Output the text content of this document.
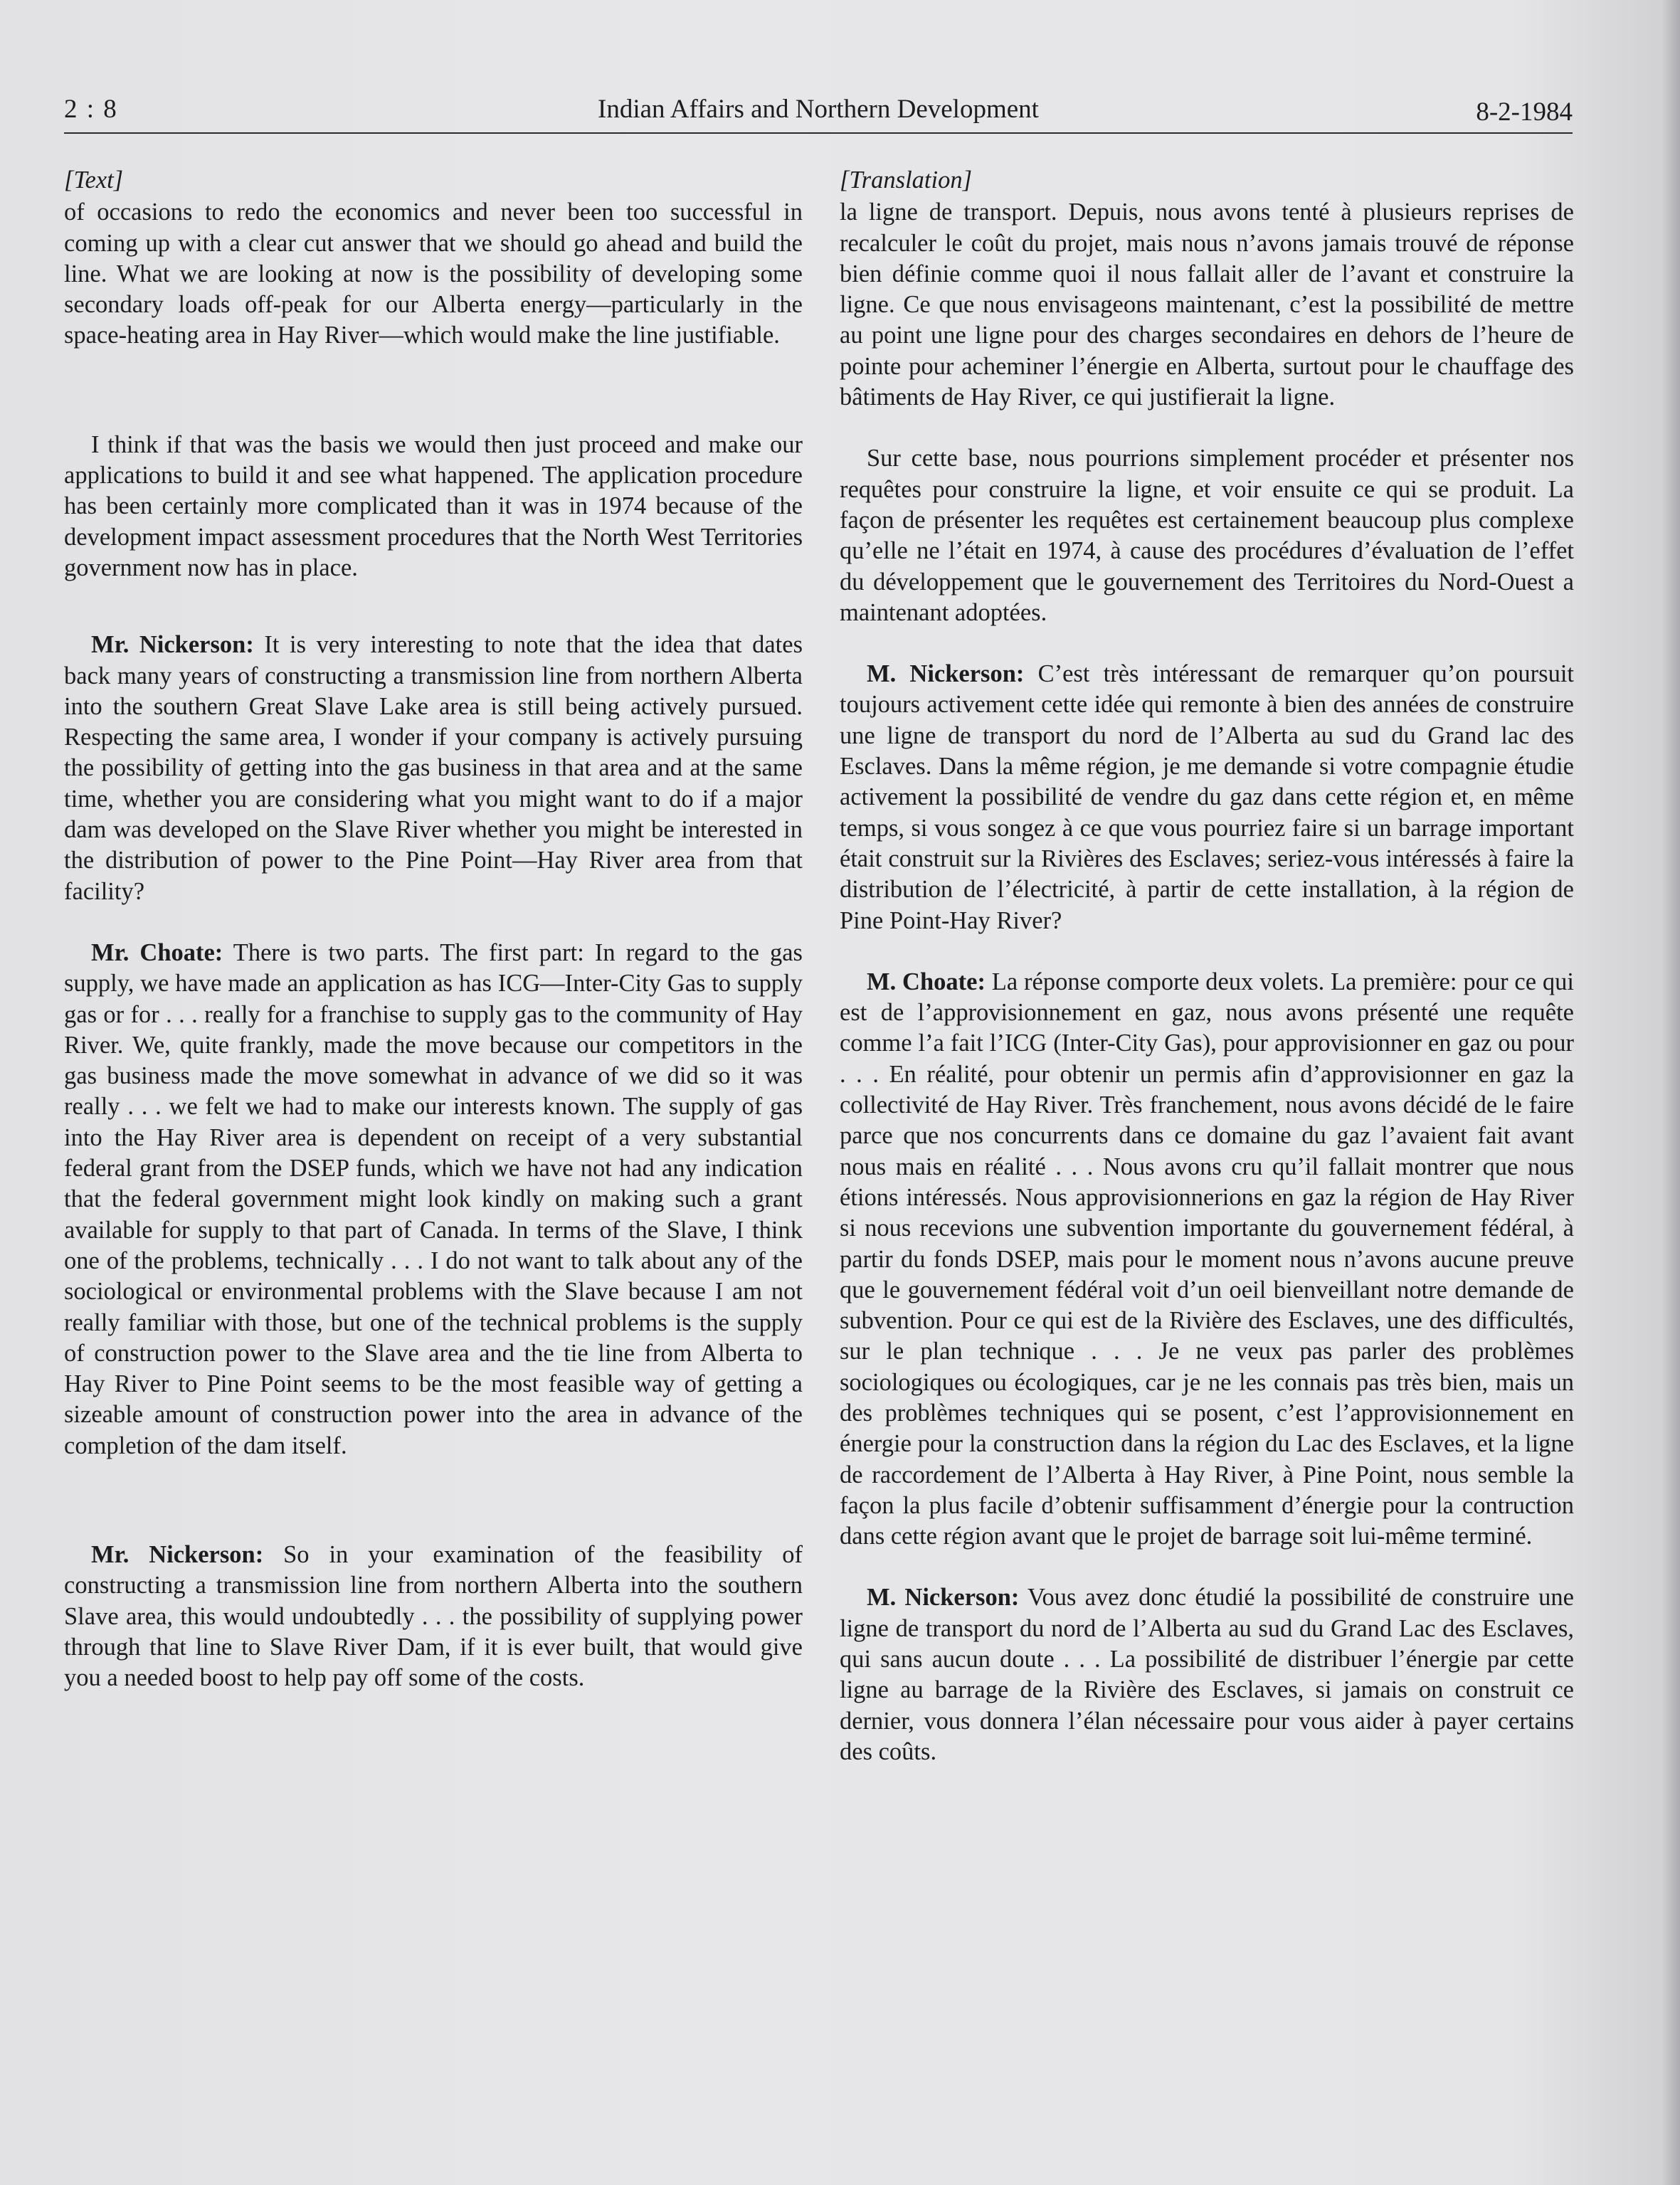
2 : 8	Indian Affairs and Northern Development	8-2-1984
[Text]

of occasions to redo the economics and never been too successful in coming up with a clear cut answer that we should go ahead and build the line. What we are looking at now is the possibility of developing some secondary loads off-peak for our Alberta energy—particularly in the space-heating area in Hay River—which would make the line justifiable.

I think if that was the basis we would then just proceed and make our applications to build it and see what happened. The application procedure has been certainly more complicated than it was in 1974 because of the development impact assessment procedures that the North West Territories government now has in place.

Mr. Nickerson: It is very interesting to note that the idea that dates back many years of constructing a transmission line from northern Alberta into the southern Great Slave Lake area is still being actively pursued. Respecting the same area, I wonder if your company is actively pursuing the possibility of getting into the gas business in that area and at the same time, whether you are considering what you might want to do if a major dam was developed on the Slave River whether you might be interested in the distribution of power to the Pine Point—Hay River area from that facility?

Mr. Choate: There is two parts. The first part: In regard to the gas supply, we have made an application as has ICG—Inter-City Gas to supply gas or for . . . really for a franchise to supply gas to the community of Hay River. We, quite frankly, made the move because our competitors in the gas business made the move somewhat in advance of we did so it was really . . . we felt we had to make our interests known. The supply of gas into the Hay River area is dependent on receipt of a very substantial federal grant from the DSEP funds, which we have not had any indication that the federal government might look kindly on making such a grant available for supply to that part of Canada. In terms of the Slave, I think one of the problems, technically . . . I do not want to talk about any of the sociological or environmental problems with the Slave because I am not really familiar with those, but one of the technical problems is the supply of construction power to the Slave area and the tie line from Alberta to Hay River to Pine Point seems to be the most feasible way of getting a sizeable amount of construction power into the area in advance of the completion of the dam itself.

Mr. Nickerson: So in your examination of the feasibility of constructing a transmission line from northern Alberta into the southern Slave area, this would undoubtedly . . . the possibility of supplying power through that line to Slave River Dam, if it is ever built, that would give you a needed boost to help pay off some of the costs.

[Translation]

la ligne de transport. Depuis, nous avons tenté à plusieurs reprises de recalculer le coût du projet, mais nous n’avons jamais trouvé de réponse bien définie comme quoi il nous fallait aller de l’avant et construire la ligne. Ce que nous envisageons maintenant, c’est la possibilité de mettre au point une ligne pour des charges secondaires en dehors de l’heure de pointe pour acheminer l’énergie en Alberta, surtout pour le chauffage des bâtiments de Hay River, ce qui justifierait la ligne.

Sur cette base, nous pourrions simplement procéder et présenter nos requêtes pour construire la ligne, et voir ensuite ce qui se produit. La façon de présenter les requêtes est certainement beaucoup plus complexe qu’elle ne l’était en 1974, à cause des procédures d’évaluation de l’effet du développement que le gouvernement des Territoires du Nord-Ouest a maintenant adoptées.

M. Nickerson: C’est très intéressant de remarquer qu’on poursuit toujours activement cette idée qui remonte à bien des années de construire une ligne de transport du nord de l’Alberta au sud du Grand lac des Esclaves. Dans la même région, je me demande si votre compagnie étudie activement la possibilité de vendre du gaz dans cette région et, en même temps, si vous songez à ce que vous pourriez faire si un barrage important était construit sur la Rivières des Esclaves; seriez-vous intéressés à faire la distribution de l’électricité, à partir de cette installation, à la région de Pine Point-Hay River?

M. Choate: La réponse comporte deux volets. La première: pour ce qui est de l’approvisionnement en gaz, nous avons présenté une requête comme l’a fait l’ICG (Inter-City Gas), pour approvisionner en gaz ou pour . . . En réalité, pour obtenir un permis afin d’approvisionner en gaz la collectivité de Hay River. Très franchement, nous avons décidé de le faire parce que nos concurrents dans ce domaine du gaz l’avaient fait avant nous mais en réalité . . . Nous avons cru qu’il fallait montrer que nous étions intéressés. Nous approvisionnerions en gaz la région de Hay River si nous recevions une subvention importante du gouvernement fédéral, à partir du fonds DSEP, mais pour le moment nous n’avons aucune preuve que le gouvernement fédéral voit d’un oeil bienveillant notre demande de subvention. Pour ce qui est de la Rivière des Esclaves, une des difficultés, sur le plan technique . . . Je ne veux pas parler des problèmes sociologiques ou écologiques, car je ne les connais pas très bien, mais un des problèmes techniques qui se posent, c’est l’approvisionnement en énergie pour la construction dans la région du Lac des Esclaves, et la ligne de raccordement de l’Alberta à Hay River, à Pine Point, nous semble la façon la plus facile d’obtenir suffisamment d’énergie pour la contruction dans cette région avant que le projet de barrage soit lui-même terminé.

M. Nickerson: Vous avez donc étudié la possibilité de construire une ligne de transport du nord de l’Alberta au sud du Grand Lac des Esclaves, qui sans aucun doute . . . La possibilité de distribuer l’énergie par cette ligne au barrage de la Rivière des Esclaves, si jamais on construit ce dernier, vous donnera l’élan nécessaire pour vous aider à payer certains des coûts.
